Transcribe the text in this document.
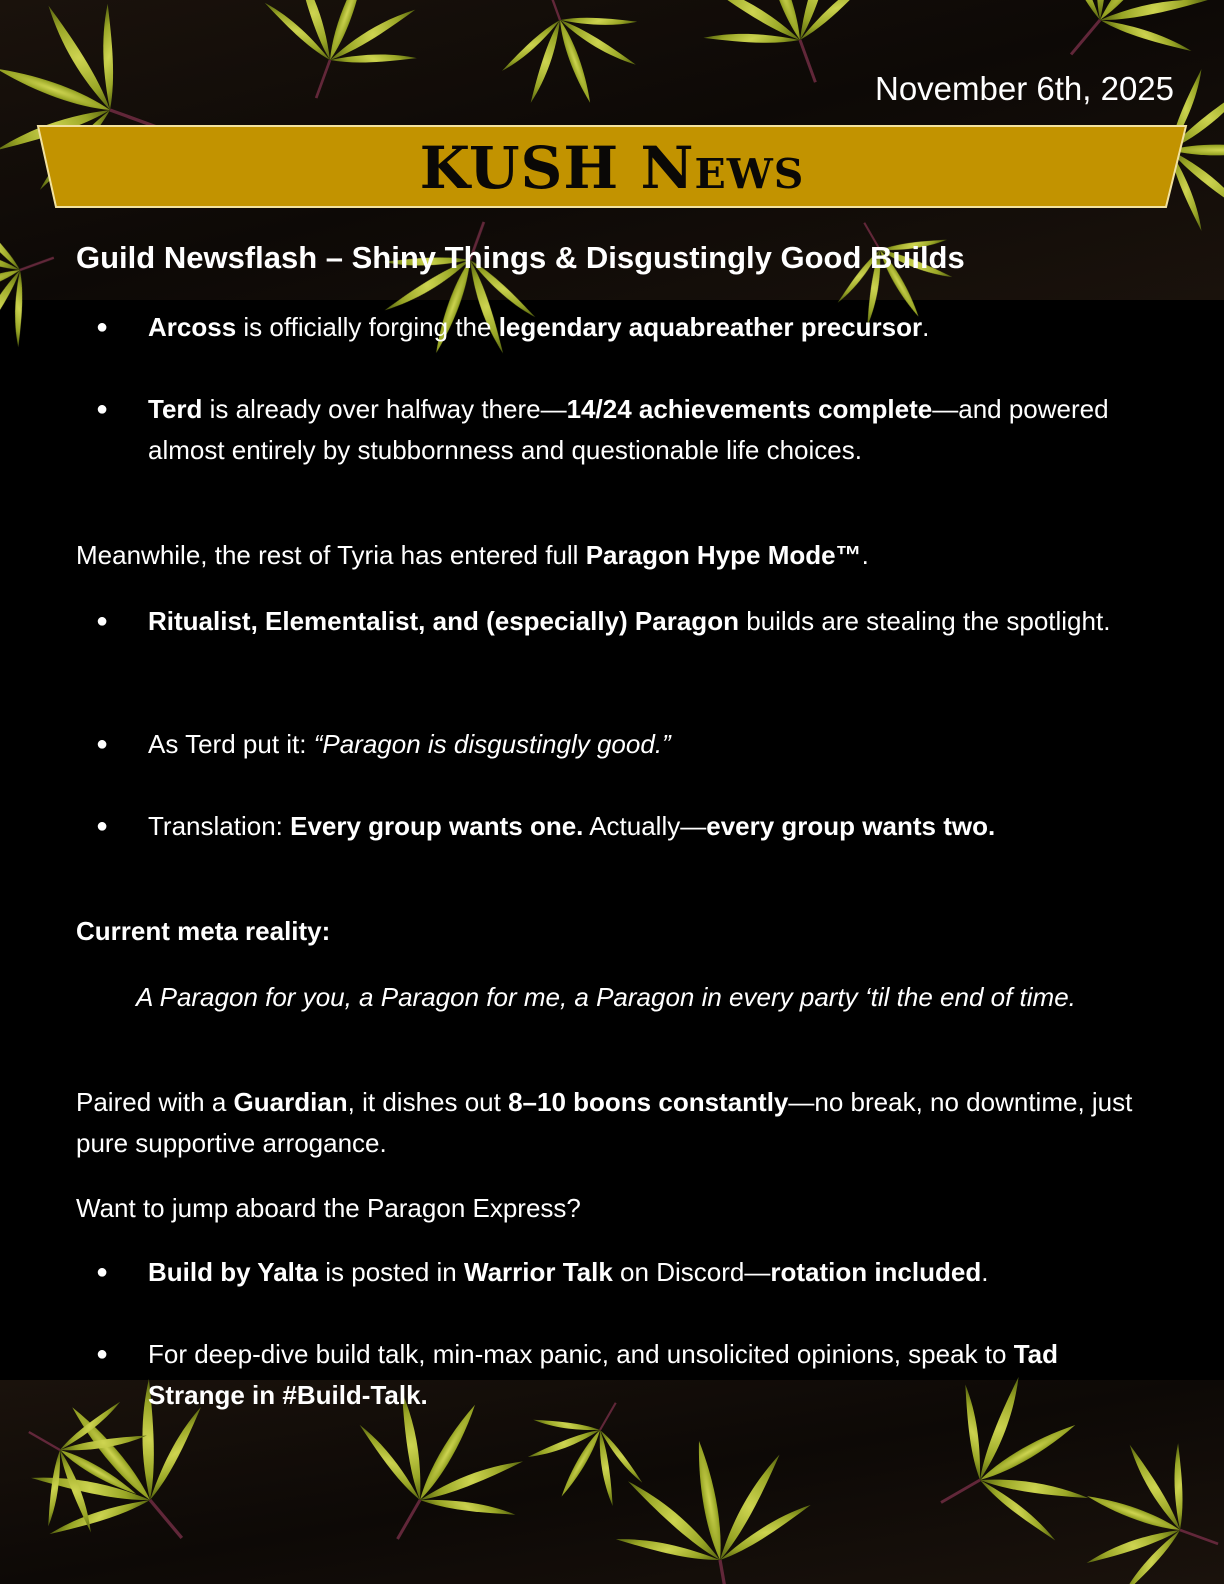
November 6th, 2025
KUSH News
Guild Newsflash – Shiny Things & Disgustingly Good Builds

● Arcoss is officially forging the legendary aquabreather precursor.

● Terd is already over halfway there—14/24 achievements complete—and powered almost entirely by stubbornness and questionable life choices.

Meanwhile, the rest of Tyria has entered full Paragon Hype Mode™.

● Ritualist, Elementalist, and (especially) Paragon builds are stealing the spotlight.

● As Terd put it: “Paragon is disgustingly good.”

● Translation: Every group wants one. Actually—every group wants two.

Current meta reality:

A Paragon for you, a Paragon for me, a Paragon in every party ‘til the end of time.

Paired with a Guardian, it dishes out 8–10 boons constantly—no break, no downtime, just pure supportive arrogance.

Want to jump aboard the Paragon Express?

● Build by Yalta is posted in Warrior Talk on Discord—rotation included.

● For deep-dive build talk, min-max panic, and unsolicited opinions, speak to Tad Strange in #Build-Talk.
